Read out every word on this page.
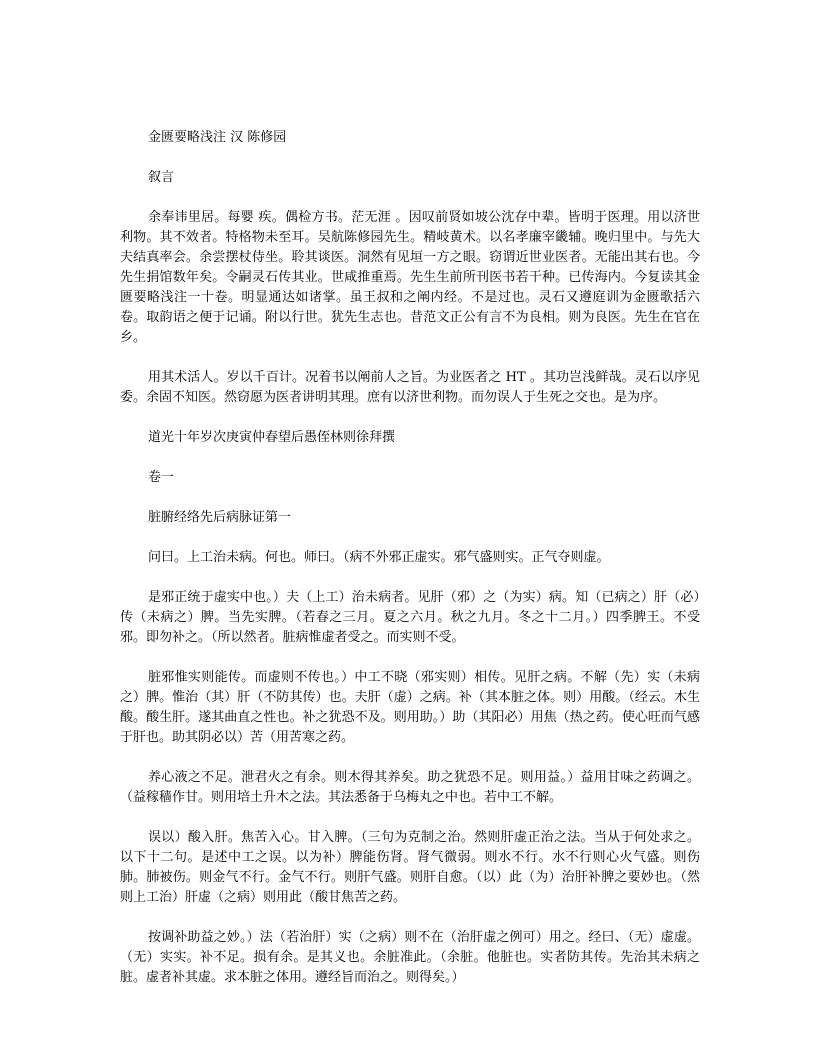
金匮要略浅注 汉 陈修园

叙言

余奉讳里居。每婴 疾。偶检方书。茫无涯 。因叹前贤如坡公沈存中辈。皆明于医理。用以济世利物。其不效者。特格物未至耳。吴航陈修园先生。精岐黄术。以名孝廉宰畿辅。晚归里中。与先大夫结真率会。余尝摆杖侍坐。聆其谈医。洞然有见垣一方之眼。窃谓近世业医者。无能出其右也。今先生捐馆数年矣。令嗣灵石传其业。世咸推重焉。先生生前所刊医书若干种。已传海内。今复读其金匮要略浅注一十卷。明显通达如诸掌。虽王叔和之阐内经。不是过也。灵石又遵庭训为金匮歌括六卷。取韵语之便于记诵。附以行世。犹先生志也。昔范文正公有言不为良相。则为良医。先生在官在乡。

用其术活人。岁以千百计。况着书以阐前人之旨。为业医者之 HT 。其功岂浅鲜哉。灵石以序见委。余固不知医。然窃愿为医者讲明其理。庶有以济世利物。而勿误人于生死之交也。是为序。

道光十年岁次庚寅仲春望后愚侄林则徐拜撰

卷一

脏腑经络先后病脉证第一

问曰。上工治未病。何也。师曰。（病不外邪正虚实。邪气盛则实。正气夺则虚。

是邪正统于虚实中也。）夫（上工）治未病者。见肝（邪）之（为实）病。知（已病之）肝（必）传（未病之）脾。当先实脾。（若春之三月。夏之六月。秋之九月。冬之十二月。）四季脾王。不受邪。即勿补之。（所以然者。脏病惟虚者受之。而实则不受。

脏邪惟实则能传。而虚则不传也。）中工不晓（邪实则）相传。见肝之病。不解（先）实（未病之）脾。惟治（其）肝（不防其传）也。夫肝（虚）之病。补（其本脏之体。则）用酸。（经云。木生酸。酸生肝。遂其曲直之性也。补之犹恐不及。则用助。）助（其阳必）用焦（热之药。使心旺而气感于肝也。助其阴必以）苦（用苦寒之药。

养心液之不足。泄君火之有余。则木得其养矣。助之犹恐不足。则用益。）益用甘味之药调之。（益稼穑作甘。则用培土升木之法。其法悉备于乌梅丸之中也。若中工不解。

误以）酸入肝。焦苦入心。甘入脾。（三句为克制之治。然则肝虚正治之法。当从于何处求之。以下十二句。是述中工之误。以为补）脾能伤肾。肾气微弱。则水不行。水不行则心火气盛。则伤肺。肺被伤。则金气不行。金气不行。则肝气盛。则肝自愈。（以）此（为）治肝补脾之要妙也。（然则上工治）肝虚（之病）则用此（酸甘焦苦之药。

按调补助益之妙。）法（若治肝）实（之病）则不在（治肝虚之例可）用之。经曰、（无）虚虚。（无）实实。补不足。损有余。是其义也。余脏准此。（余脏。他脏也。实者防其传。先治其未病之脏。虚者补其虚。求本脏之体用。遵经旨而治之。则得矣。）
